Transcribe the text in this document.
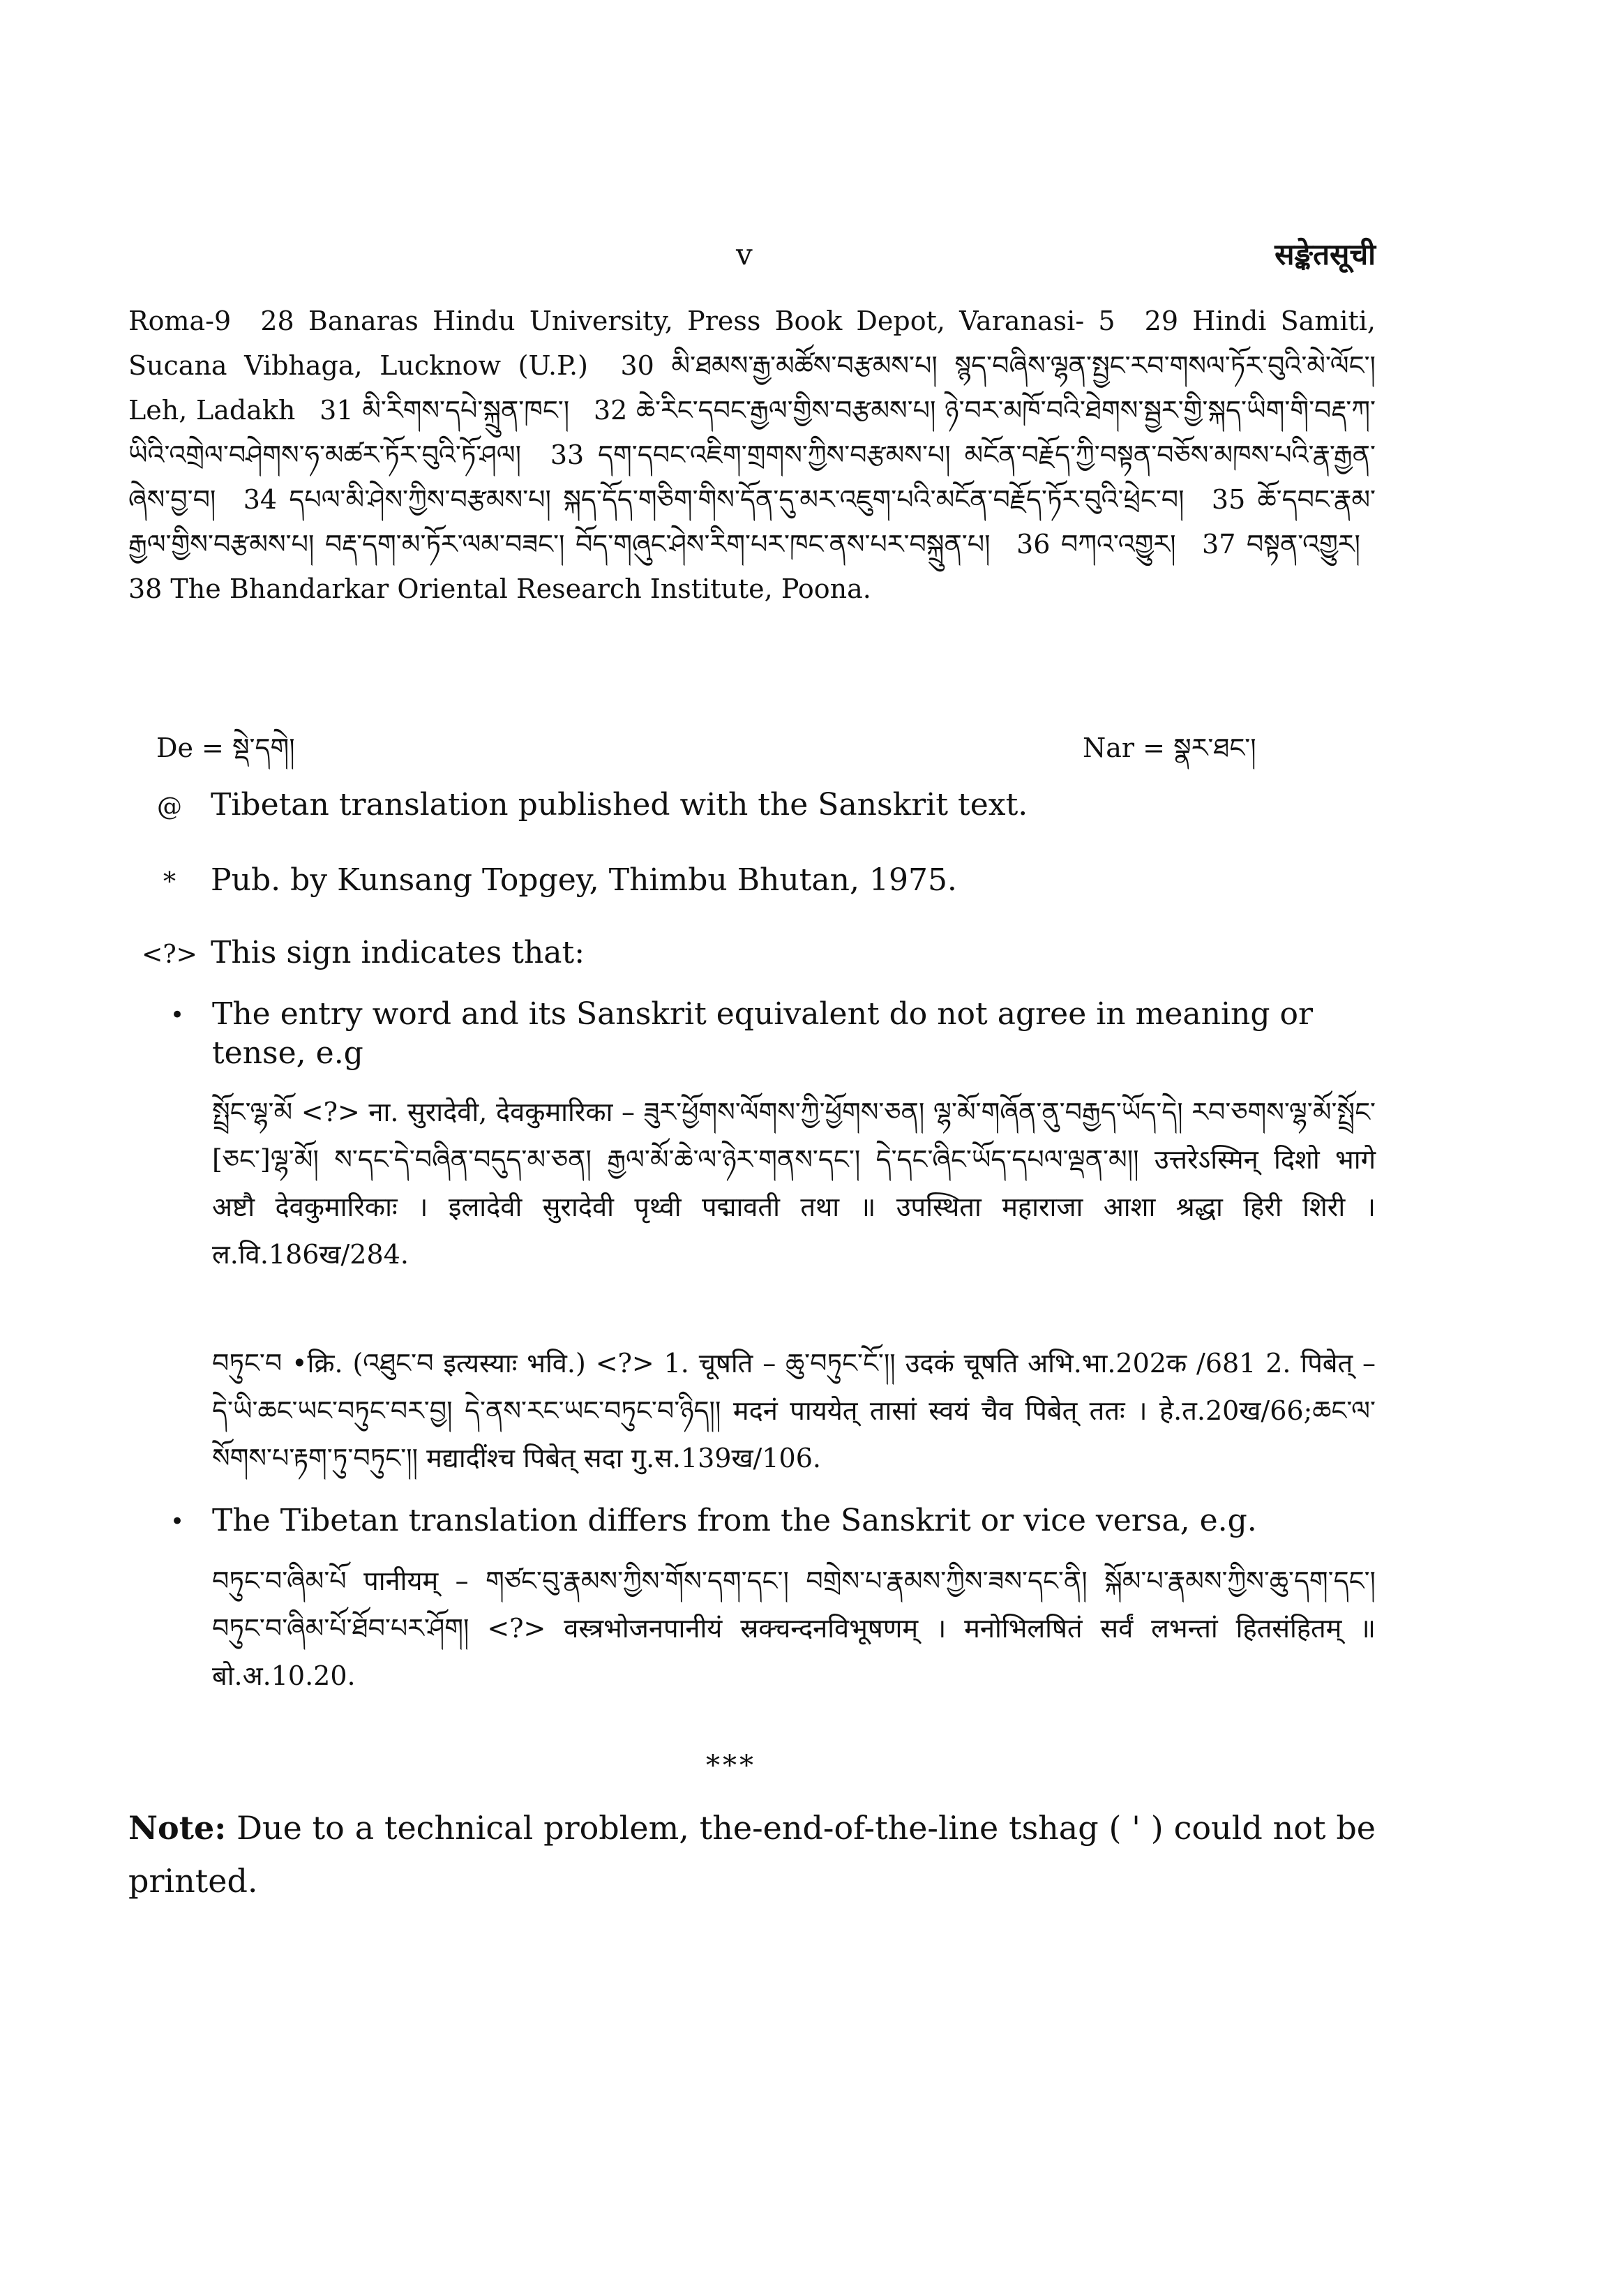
v	सङ्केतसूची
Roma-9 28 Banaras Hindu University, Press Book Depot, Varanasi- 5 29 Hindi Samiti, Sucana Vibhaga, Lucknow (U.P.) 30 མི་ཐམས་རྒྱ་མཚོས་བརྩམས་པ། སྙད་བཞིས་ལྷན་སྤྱང་རབ་གསལ་ཏོར་བུའི་མེ་ལོང་། Leh, Ladakh 31 མི་རིགས་དཔེ་སྐྲུན་ཁང་། 32 ཆེ་རིང་དབང་རྒྱལ་གྱིས་བརྩམས་པ། ཉེ་བར་མཁོ་བའི་ཐེགས་སྦྱར་གྱི་སྐད་ཡིག་གི་བརྡ་ཀ་ཡིའི་འགྲེལ་བཤེགས་ཧ་མཚར་ཏོར་བུའི་ཏོ་ཤལ། 33 དག་དབང་འཇིག་གྲགས་ཀྱིས་བརྩམས་པ། མངོན་བརྗོད་ཀྱི་བསྟན་བཅོས་མཁས་པའི་རྣ་རྒྱན་ཞེས་བྱ་བ། 34 དཔལ་མི་ཤེས་ཀྱིས་བརྩམས་པ། སྐད་དོད་གཅིག་གིས་དོན་དུ་མར་འཇུག་པའི་མངོན་བརྗོད་ཏོར་བུའི་ཕྲེང་བ། 35 ཆོ་དབང་རྣམ་རྒྱལ་གྱིས་བརྩམས་པ། བརྡ་དག་མ་ཏོར་ལམ་བཟང་། བོད་གཞུང་ཤེས་རིག་པར་ཁང་ནས་པར་བསྐྲུན་པ། 36 བཀའ་འགྱུར། 37 བསྟན་འགྱུར། 38 The Bhandarkar Oriental Research Institute, Poona.
De = སྡེ་དགེ།	Nar = སྣར་ཐང་།
@ Tibetan translation published with the Sanskrit text.
*	Pub. by Kunsang Topgey, Thimbu Bhutan, 1975.
<?> This sign indicates that:
• The entry word and its Sanskrit equivalent do not agree in meaning or tense, e.g
སྤྲོང་ལྷ་མོ <?> ना. सुरादेवी, देवकुमारिका – ཟུར་ཕྱོགས་ལོགས་ཀྱི་ཕྱོགས་ཅན། ལྷ་མོ་གཞོན་ནུ་བརྒྱད་ཡོད་དེ། རབ་ཅགས་ལྷ་མོ་སྤྲོང་[ཅང་]ལྷ་མོ། ས་དང་དེ་བཞིན་བདུད་མ་ཅན། རྒྱལ་མོ་ཆེ་ལ་ཉེར་གནས་དང་། དེ་དང་ཞིང་ཡོད་དཔལ་ལྡན་མ།། उत्तरेऽस्मिन् दिशो भागे अष्टौ देवकुमारिकाः । इलादेवी सुरादेवी पृथ्वी पद्मावती तथा ॥ उपस्थिता महाराजा आशा श्रद्धा हिरी शिरी । ल.वि.186ख/284.
བཏུང་བ •क्रि. (འཐུང་བ इत्यस्याः भवि.) <?> 1. चूषति – ཆུ་བཏུང་ངོ་།། उदकं चूषति अभि.भा.202क /681 2. पिबेत् – དེ་ཡི་ཆང་ཡང་བཏུང་བར་བྱ། དེ་ནས་རང་ཡང་བཏུང་བ་ཉིད།། मदनं पाययेत् तासां स्वयं चैव पिबेत् ततः । हे.त.20ख/66;ཆང་ལ་སོགས་པ་རྟག་ཏུ་བཏུང་།། मद्यादींश्च पिबेत् सदा गु.स.139ख/106.
• The Tibetan translation differs from the Sanskrit or vice versa, e.g.
བཏུང་བ་ཞིམ་པོ पानीयम् – གཙང་བུ་རྣམས་ཀྱིས་གོས་དག་དང་། བགྲེས་པ་རྣམས་ཀྱིས་ཟས་དང་ནི། སྐོམ་པ་རྣམས་ཀྱིས་ཆུ་དག་དང་། བཏུང་བ་ཞིམ་པོ་ཐོབ་པར་ཤོག། <?> वस्त्रभोजनपानीयं स्रक्चन्दनविभूषणम् । मनोभिलषितं सर्वं लभन्तां हितसंहितम् ॥ बो.अ.10.20.
***
Note: Due to a technical problem, the-end-of-the-line tshag ( ' ) could not be printed.
